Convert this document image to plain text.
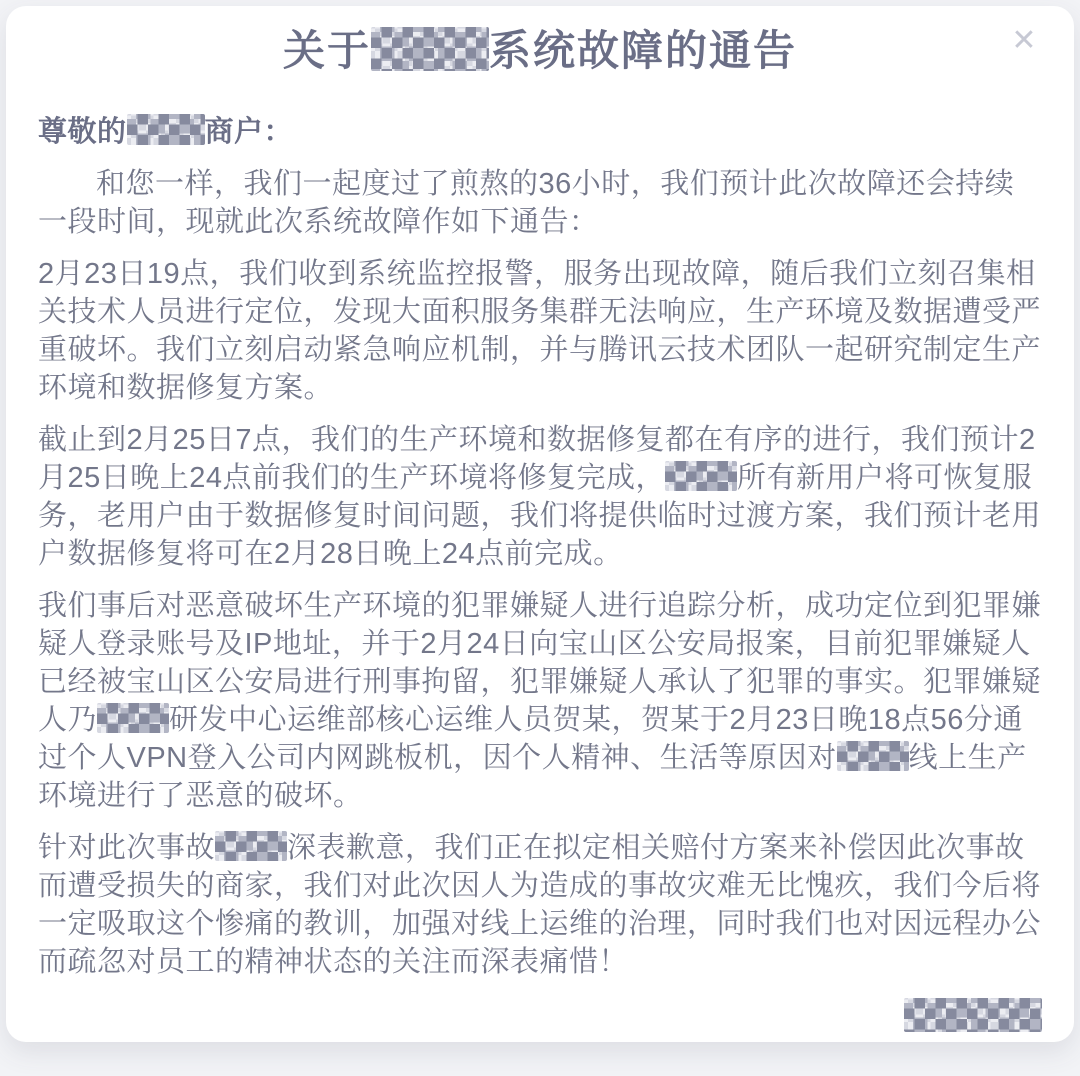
✕
关于	系统故障的通告

尊敬的	商户：

和您一样，我们一起度过了煎熬的36小时，我们预计此次故障还会持续一段时间，现就此次系统故障作如下通告：

2月23日19点，我们收到系统监控报警，服务出现故障，随后我们立刻召集相关技术人员进行定位，发现大面积服务集群无法响应，生产环境及数据遭受严重破坏。我们立刻启动紧急响应机制，并与腾讯云技术团队一起研究制定生产环境和数据修复方案。

截止到2月25日7点，我们的生产环境和数据修复都在有序的进行，我们预计2月25日晚上24点前我们的生产环境将修复完成， 所有新用户将可恢复服务，老用户由于数据修复时间问题，我们将提供临时过渡方案，我们预计老用户数据修复将可在2月28日晚上24点前完成。

我们事后对恶意破坏生产环境的犯罪嫌疑人进行追踪分析，成功定位到犯罪嫌疑人登录账号及IP地址，并于2月24日向宝山区公安局报案，目前犯罪嫌疑人已经被宝山区公安局进行刑事拘留，犯罪嫌疑人承认了犯罪的事实。犯罪嫌疑人乃 研发中心运维部核心运维人员贺某，贺某于2月23日晚18点56分通过个人VPN登入公司内网跳板机，因个人精神、生活等原因对 线上生产环境进行了恶意的破坏。

针对此次事故 深表歉意，我们正在拟定相关赔付方案来补偿因此次事故而遭受损失的商家，我们对此次因人为造成的事故灾难无比愧疚，我们今后将一定吸取这个惨痛的教训，加强对线上运维的治理，同时我们也对因远程办公而疏忽对员工的精神状态的关注而深表痛惜！
